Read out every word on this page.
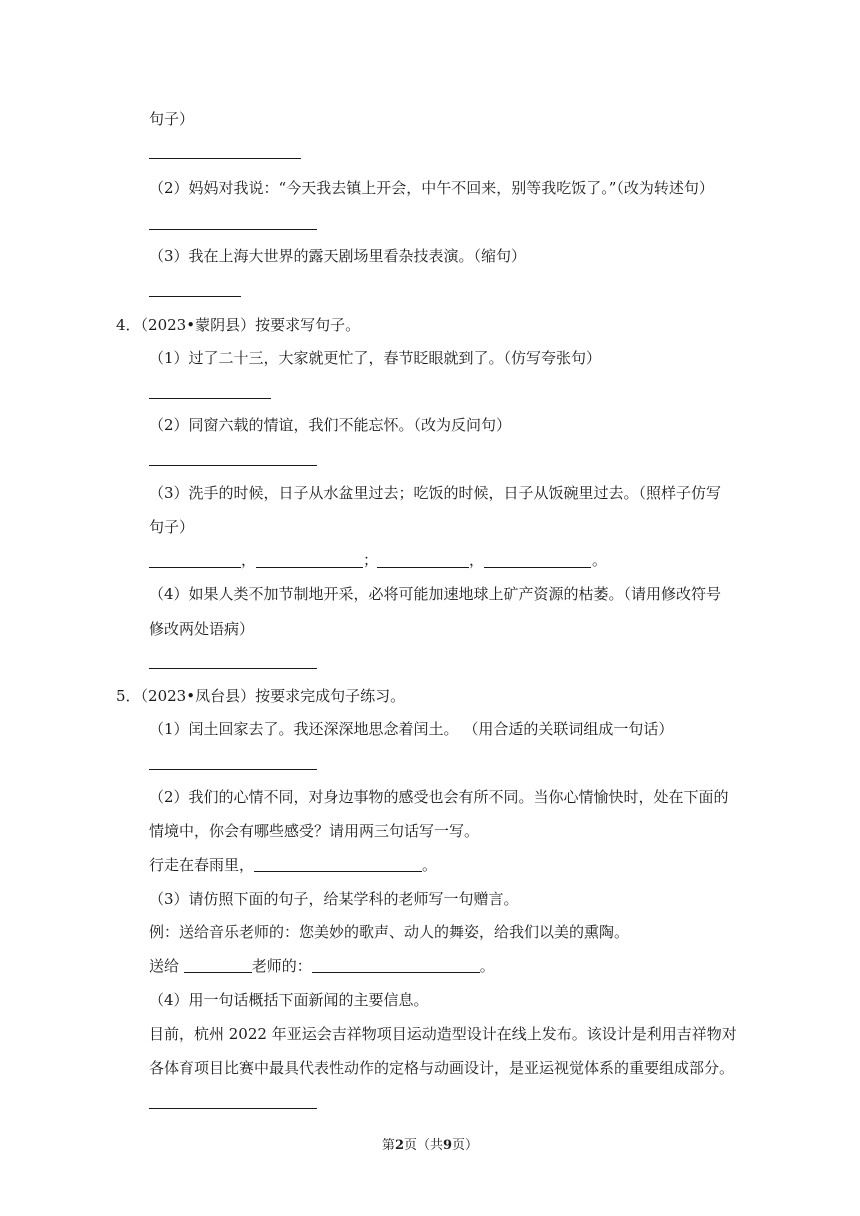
句子）
（2）妈妈对我说：“今天我去镇上开会，中午不回来，别等我吃饭了。”（改为转述句）
（3）我在上海大世界的露天剧场里看杂技表演。（缩句）
4．（2023•蒙阴县）按要求写句子。
（1）过了二十三，大家就更忙了，春节眨眼就到了。（仿写夸张句）
（2）同窗六载的情谊，我们不能忘怀。（改为反问句）
（3）洗手的时候，日子从水盆里过去；吃饭的时候，日子从饭碗里过去。（照样子仿写
句子）
，	；	，	。
（4）如果人类不加节制地开采，必将可能加速地球上矿产资源的枯萎。（请用修改符号
修改两处语病）
5．（2023•凤台县）按要求完成句子练习。
（1）闰土回家去了。我还深深地思念着闰土。 （用合适的关联词组成一句话）
（2）我们的心情不同，对身边事物的感受也会有所不同。当你心情愉快时，处在下面的
情境中，你会有哪些感受？请用两三句话写一写。
行走在春雨里，	。
（3）请仿照下面的句子，给某学科的老师写一句赠言。
例：送给音乐老师的：您美妙的歌声、动人的舞姿，给我们以美的熏陶。
送给	老师的：	。
（4）用一句话概括下面新闻的主要信息。
目前，杭州 2022 年亚运会吉祥物项目运动造型设计在线上发布。该设计是利用吉祥物对
各体育项目比赛中最具代表性动作的定格与动画设计，是亚运视觉体系的重要组成部分。
第2页（共9页）
